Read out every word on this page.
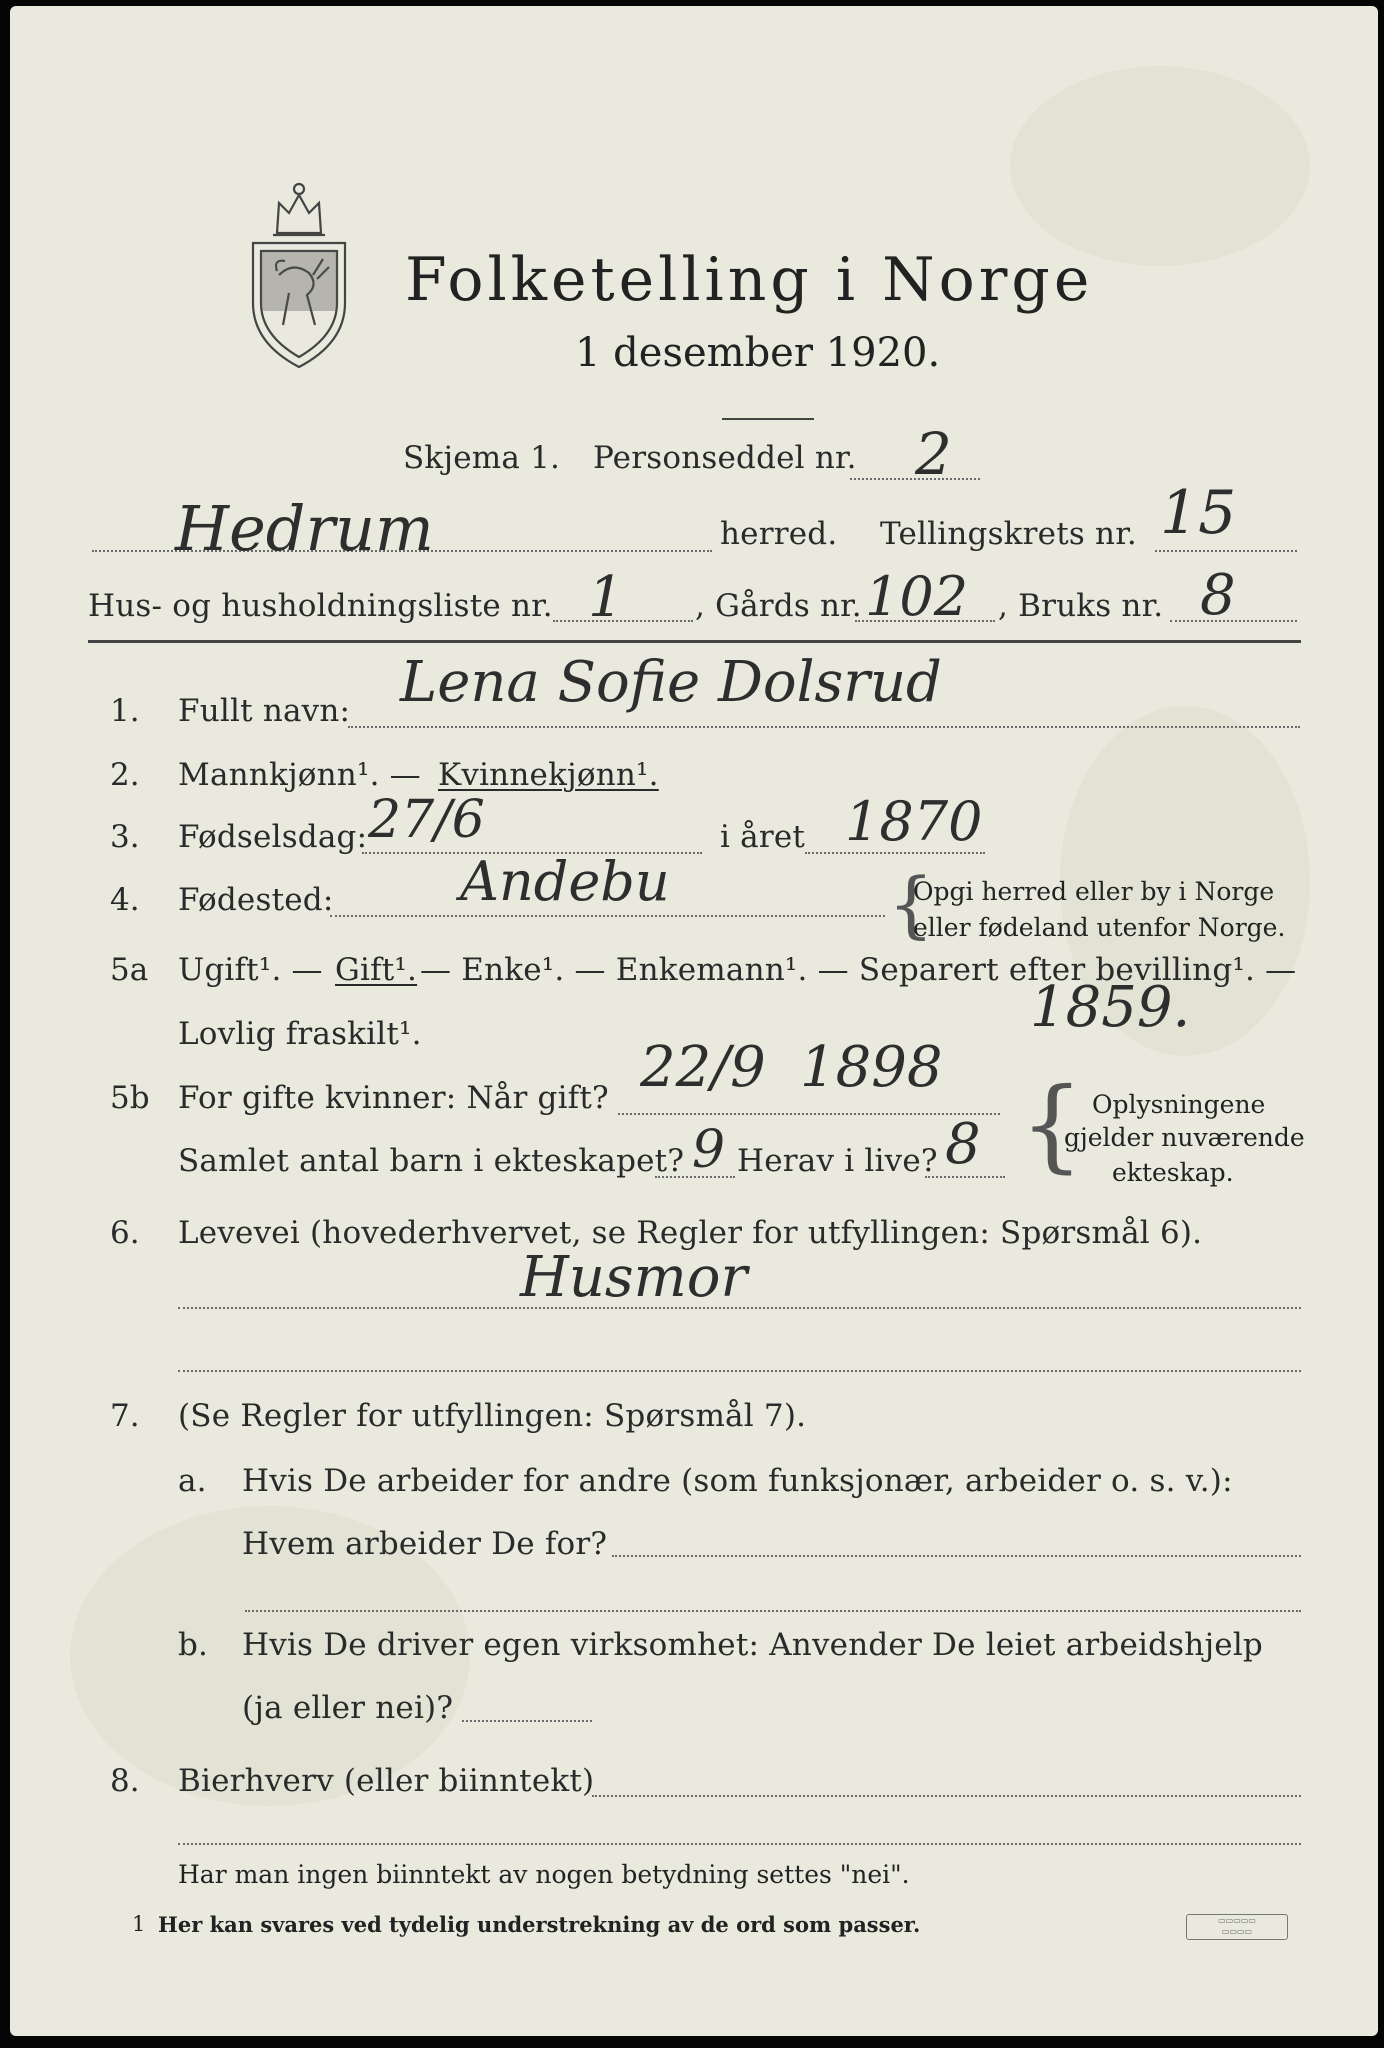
Folketelling i Norge
1 desember 1920.
Skjema 1. Personseddel nr. 2
Hedrum	herred. Tellingskrets nr. 15
Hus- og husholdningsliste nr. 1 , Gårds nr. 102 , Bruks nr. 8
1. Fullt navn: Lena Sofie Dolsrud
2. Mannkjønn¹. — Kvinnekjønn¹.
3. Fødselsdag: 27/6	i året 1870
4. Fødested: Andebu	{
Opgi herred eller by i Norge
eller fødeland utenfor Norge.
5a Ugift¹. — Gift¹. — Enke¹. — Enkemann¹. — Separert efter bevilling¹. —
Lovlig fraskilt¹.	1859.
5b For gifte kvinner: Når gift? 22/9 1898
Samlet antal barn i ekteskapet? 9 Herav i live? 8 { Oplysningene
gjelder nuværende
ekteskap.
6. Levevei (hovederhvervet, se Regler for utfyllingen: Spørsmål 6).
Husmor
7. (Se Regler for utfyllingen: Spørsmål 7).
a. Hvis De arbeider for andre (som funksjonær, arbeider o. s. v.):
Hvem arbeider De for?
b. Hvis De driver egen virksomhet: Anvender De leiet arbeidshjelp
(ja eller nei)?
8. Bierhverv (eller biinntekt)
Har man ingen biinntekt av nogen betydning settes "nei".
1 Her kan svares ved tydelig understrekning av de ord som passer.	▭▭▭▭▭
▭▭▭▭
